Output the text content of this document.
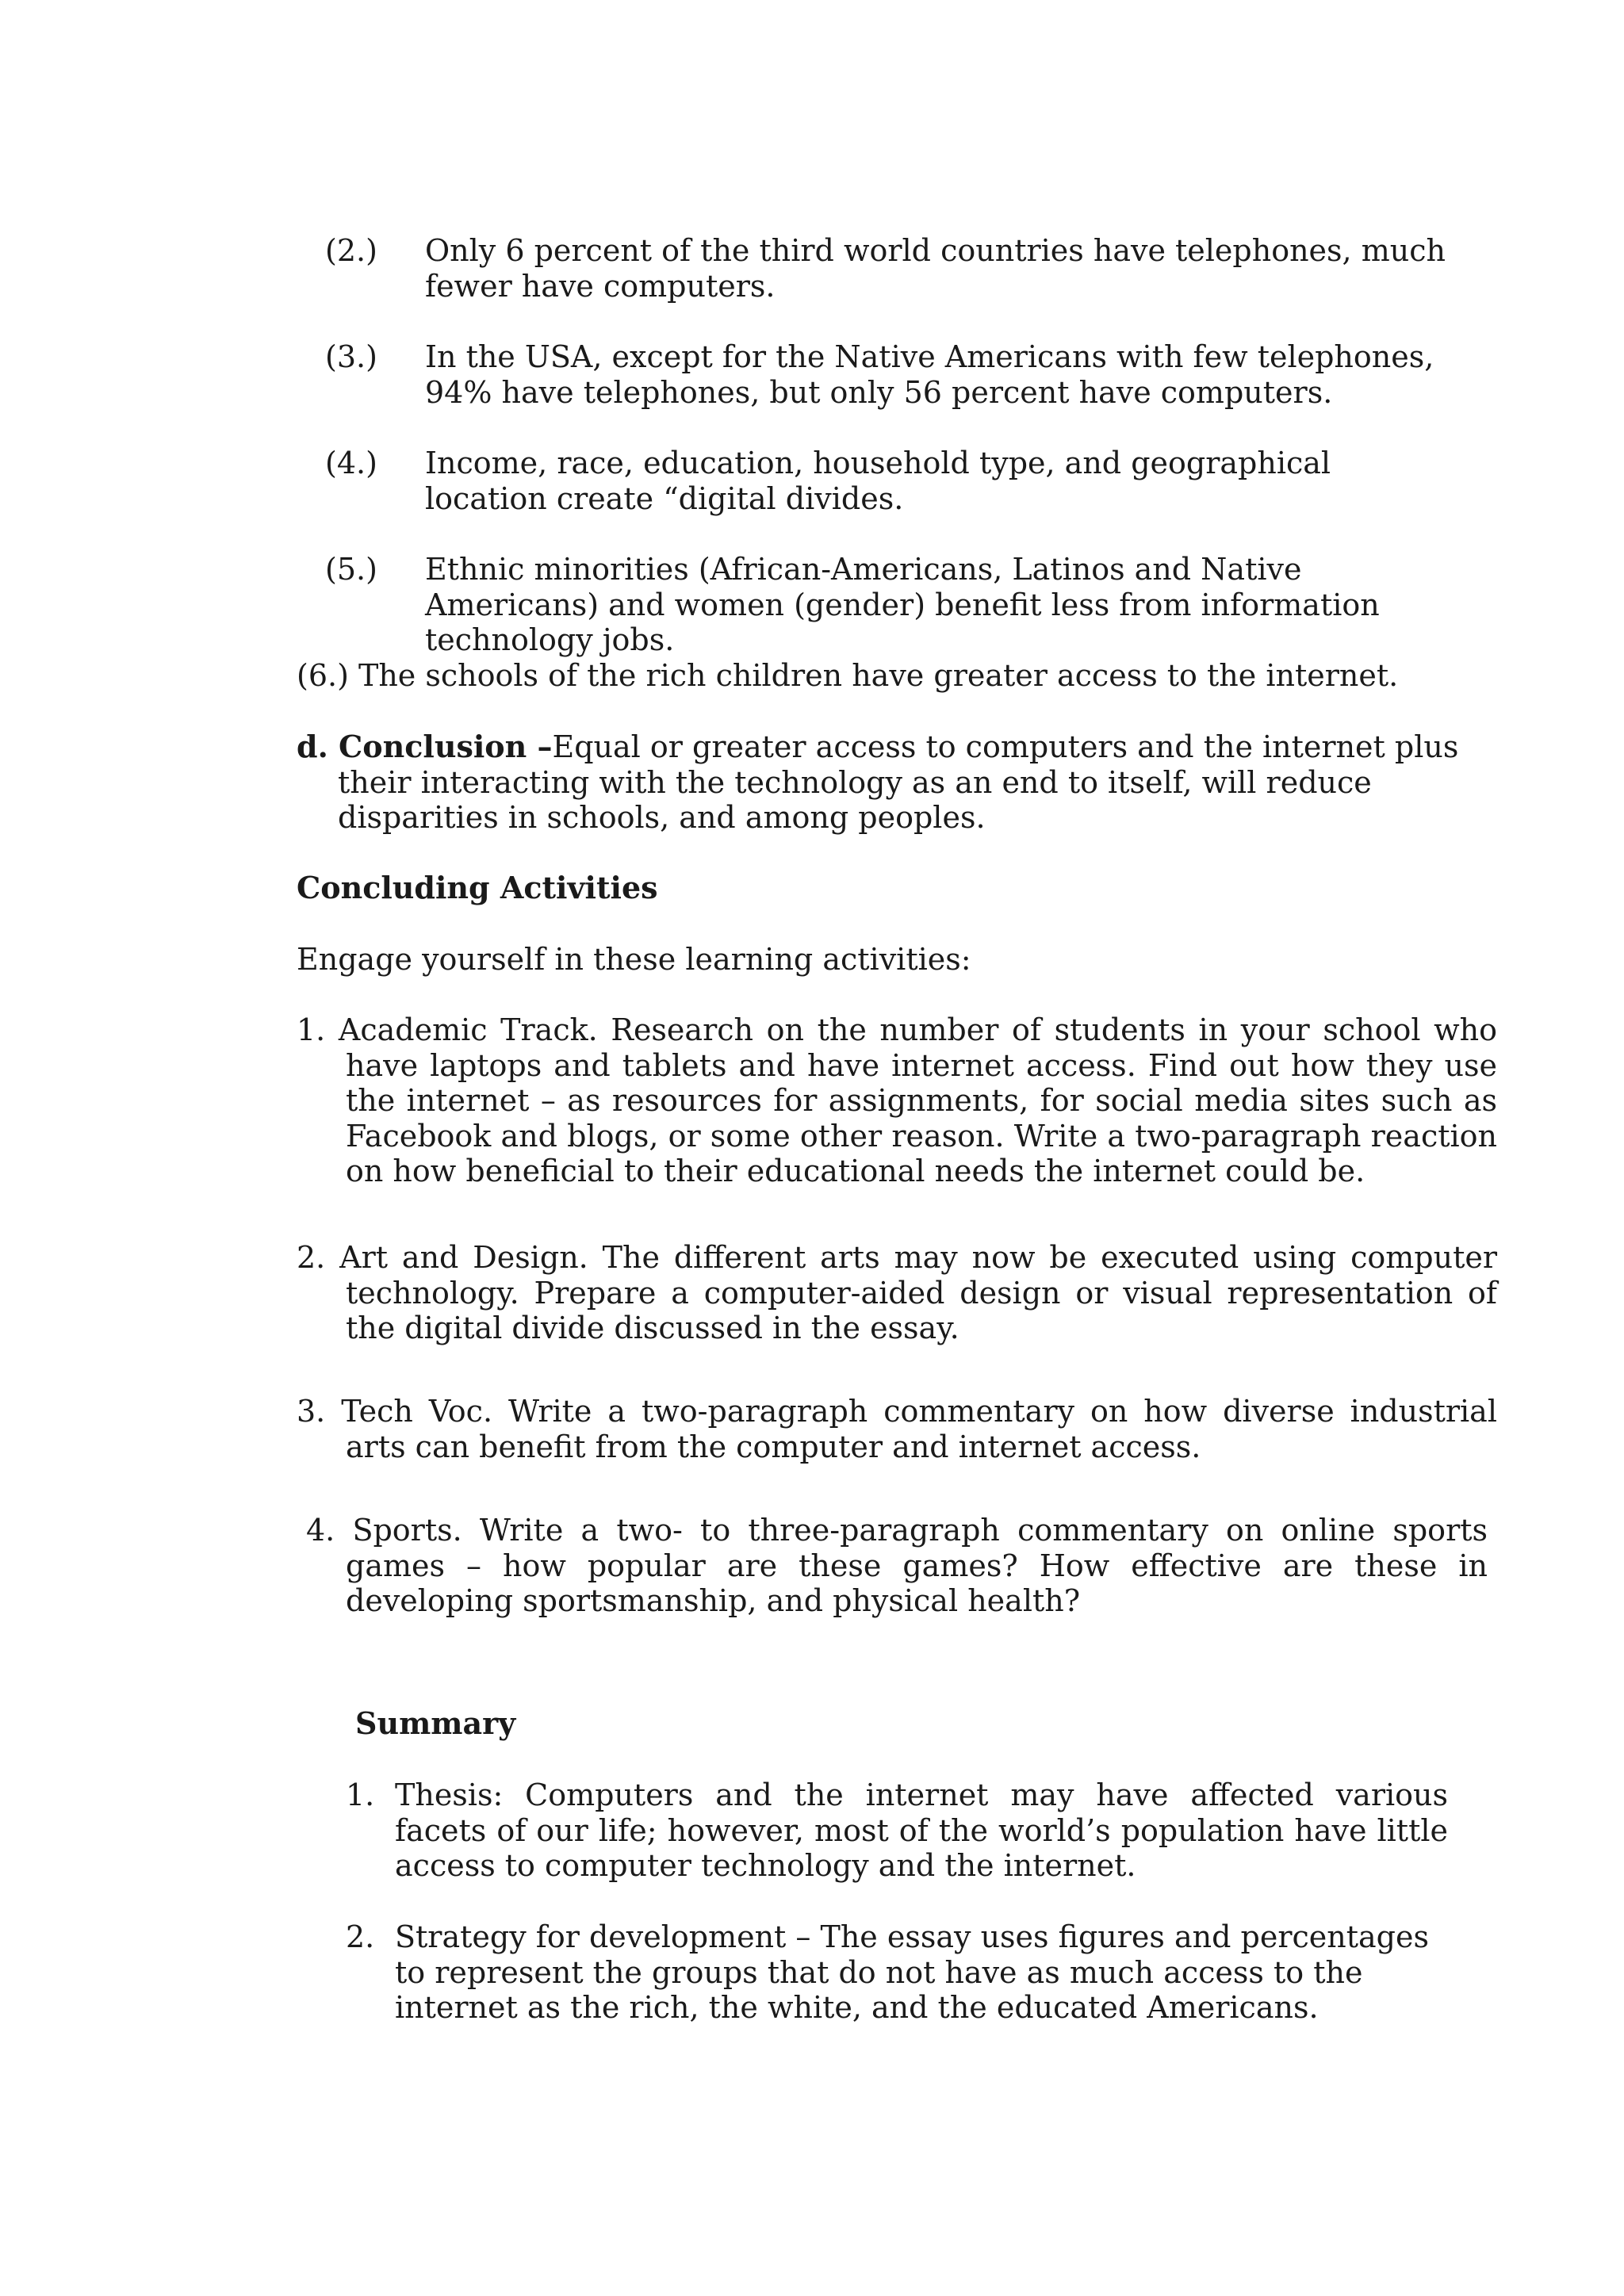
(2.) Only 6 percent of the third world countries have telephones, much fewer have computers.
(3.) In the USA, except for the Native Americans with few telephones, 94% have telephones, but only 56 percent have computers.
(4.) Income, race, education, household type, and geographical location create “digital divides.
(5.) Ethnic minorities (African-Americans, Latinos and Native Americans) and women (gender) benefit less from information technology jobs.
(6.) The schools of the rich children have greater access to the internet.
d. Conclusion –Equal or greater access to computers and the internet plus their interacting with the technology as an end to itself, will reduce disparities in schools, and among peoples.
Concluding Activities
Engage yourself in these learning activities:
1. Academic Track. Research on the number of students in your school who have laptops and tablets and have internet access. Find out how they use the internet – as resources for assignments, for social media sites such as Facebook and blogs, or some other reason. Write a two-paragraph reaction on how beneficial to their educational needs the internet could be.
2. Art and Design. The different arts may now be executed using computer technology. Prepare a computer-aided design or visual representation of the digital divide discussed in the essay.
3. Tech Voc. Write a two-paragraph commentary on how diverse industrial arts can benefit from the computer and internet access.
4. Sports. Write a two- to three-paragraph commentary on online sports games – how popular are these games? How effective are these in developing sportsmanship, and physical health?
Summary
1. Thesis: Computers and the internet may have affected various facets of our life; however, most of the world’s population have little access to computer technology and the internet.
2. Strategy for development – The essay uses figures and percentages to represent the groups that do not have as much access to the internet as the rich, the white, and the educated Americans.
